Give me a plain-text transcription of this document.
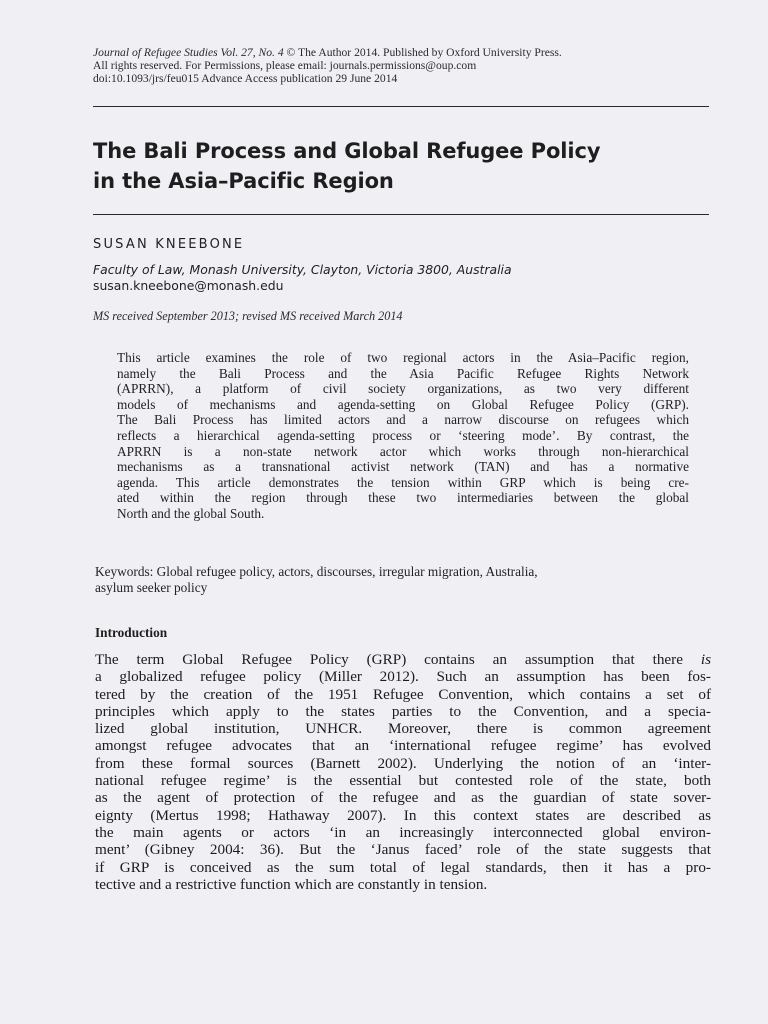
Journal of Refugee Studies Vol. 27, No. 4 © The Author 2014. Published by Oxford University Press.
All rights reserved. For Permissions, please email: journals.permissions@oup.com
doi:10.1093/jrs/feu015 Advance Access publication 29 June 2014
The Bali Process and Global Refugee Policy
in the Asia–Pacific Region
SUSAN KNEEBONE
Faculty of Law, Monash University, Clayton, Victoria 3800, Australia
susan.kneebone@monash.edu
MS received September 2013; revised MS received March 2014
This article examines the role of two regional actors in the Asia–Pacific region,
namely the Bali Process and the Asia Pacific Refugee Rights Network
(APRRN), a platform of civil society organizations, as two very different
models of mechanisms and agenda-setting on Global Refugee Policy (GRP).
The Bali Process has limited actors and a narrow discourse on refugees which
reflects a hierarchical agenda-setting process or ‘steering mode’. By contrast, the
APRRN is a non-state network actor which works through non-hierarchical
mechanisms as a transnational activist network (TAN) and has a normative
agenda. This article demonstrates the tension within GRP which is being cre-
ated within the region through these two intermediaries between the global
North and the global South.
Keywords: Global refugee policy, actors, discourses, irregular migration, Australia,
asylum seeker policy
Introduction
The term Global Refugee Policy (GRP) contains an assumption that there is
a globalized refugee policy (Miller 2012). Such an assumption has been fos-
tered by the creation of the 1951 Refugee Convention, which contains a set of
principles which apply to the states parties to the Convention, and a specia-
lized global institution, UNHCR. Moreover, there is common agreement
amongst refugee advocates that an ‘international refugee regime’ has evolved
from these formal sources (Barnett 2002). Underlying the notion of an ‘inter-
national refugee regime’ is the essential but contested role of the state, both
as the agent of protection of the refugee and as the guardian of state sover-
eignty (Mertus 1998; Hathaway 2007). In this context states are described as
the main agents or actors ‘in an increasingly interconnected global environ-
ment’ (Gibney 2004: 36). But the ‘Janus faced’ role of the state suggests that
if GRP is conceived as the sum total of legal standards, then it has a pro-
tective and a restrictive function which are constantly in tension.
